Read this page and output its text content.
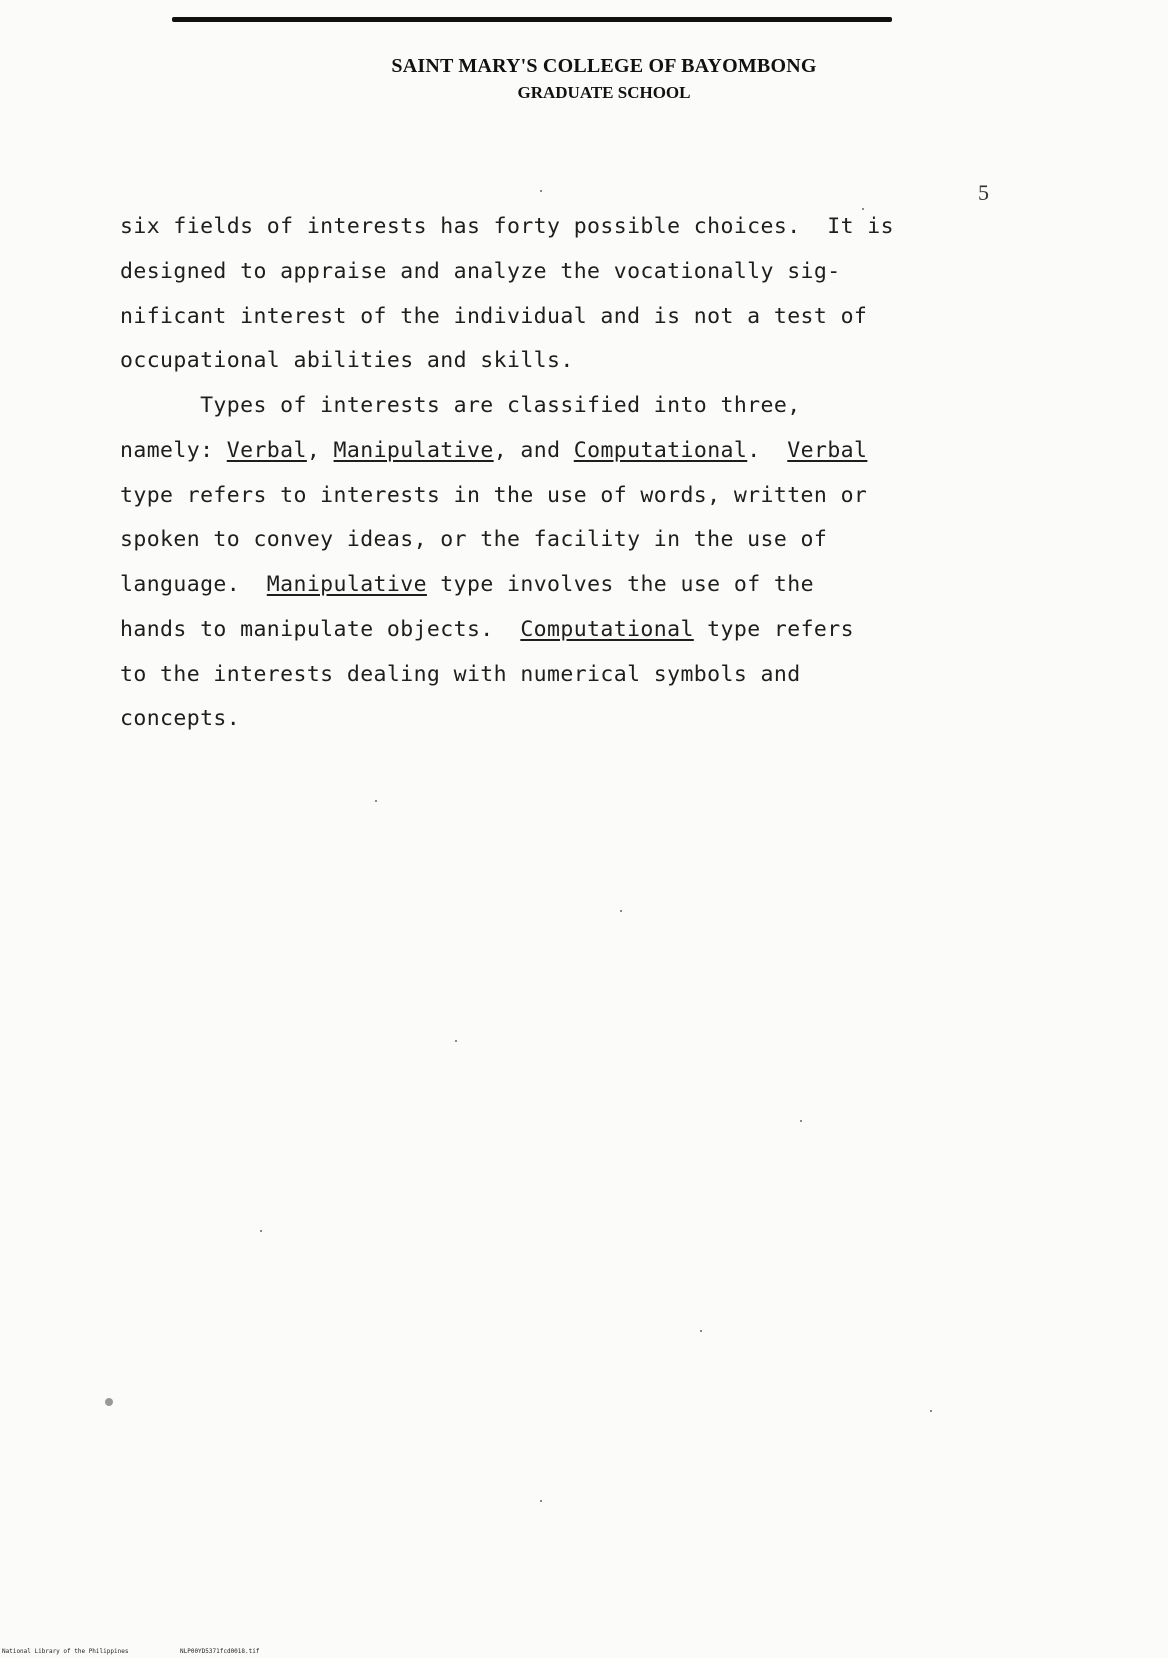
SAINT MARY'S COLLEGE OF BAYOMBONG
GRADUATE SCHOOL
5
six fields of interests has forty possible choices.  It is
designed to appraise and analyze the vocationally sig-
nificant interest of the individual and is not a test of
occupational abilities and skills.
Types of interests are classified into three,
namely: Verbal, Manipulative, and Computational.  Verbal
type refers to interests in the use of words, written or
spoken to convey ideas, or the facility in the use of
language.  Manipulative type involves the use of the
hands to manipulate objects.  Computational type refers
to the interests dealing with numerical symbols and
concepts.
National Library of the Philippines	NLP00YD5371fcd0018.tif
